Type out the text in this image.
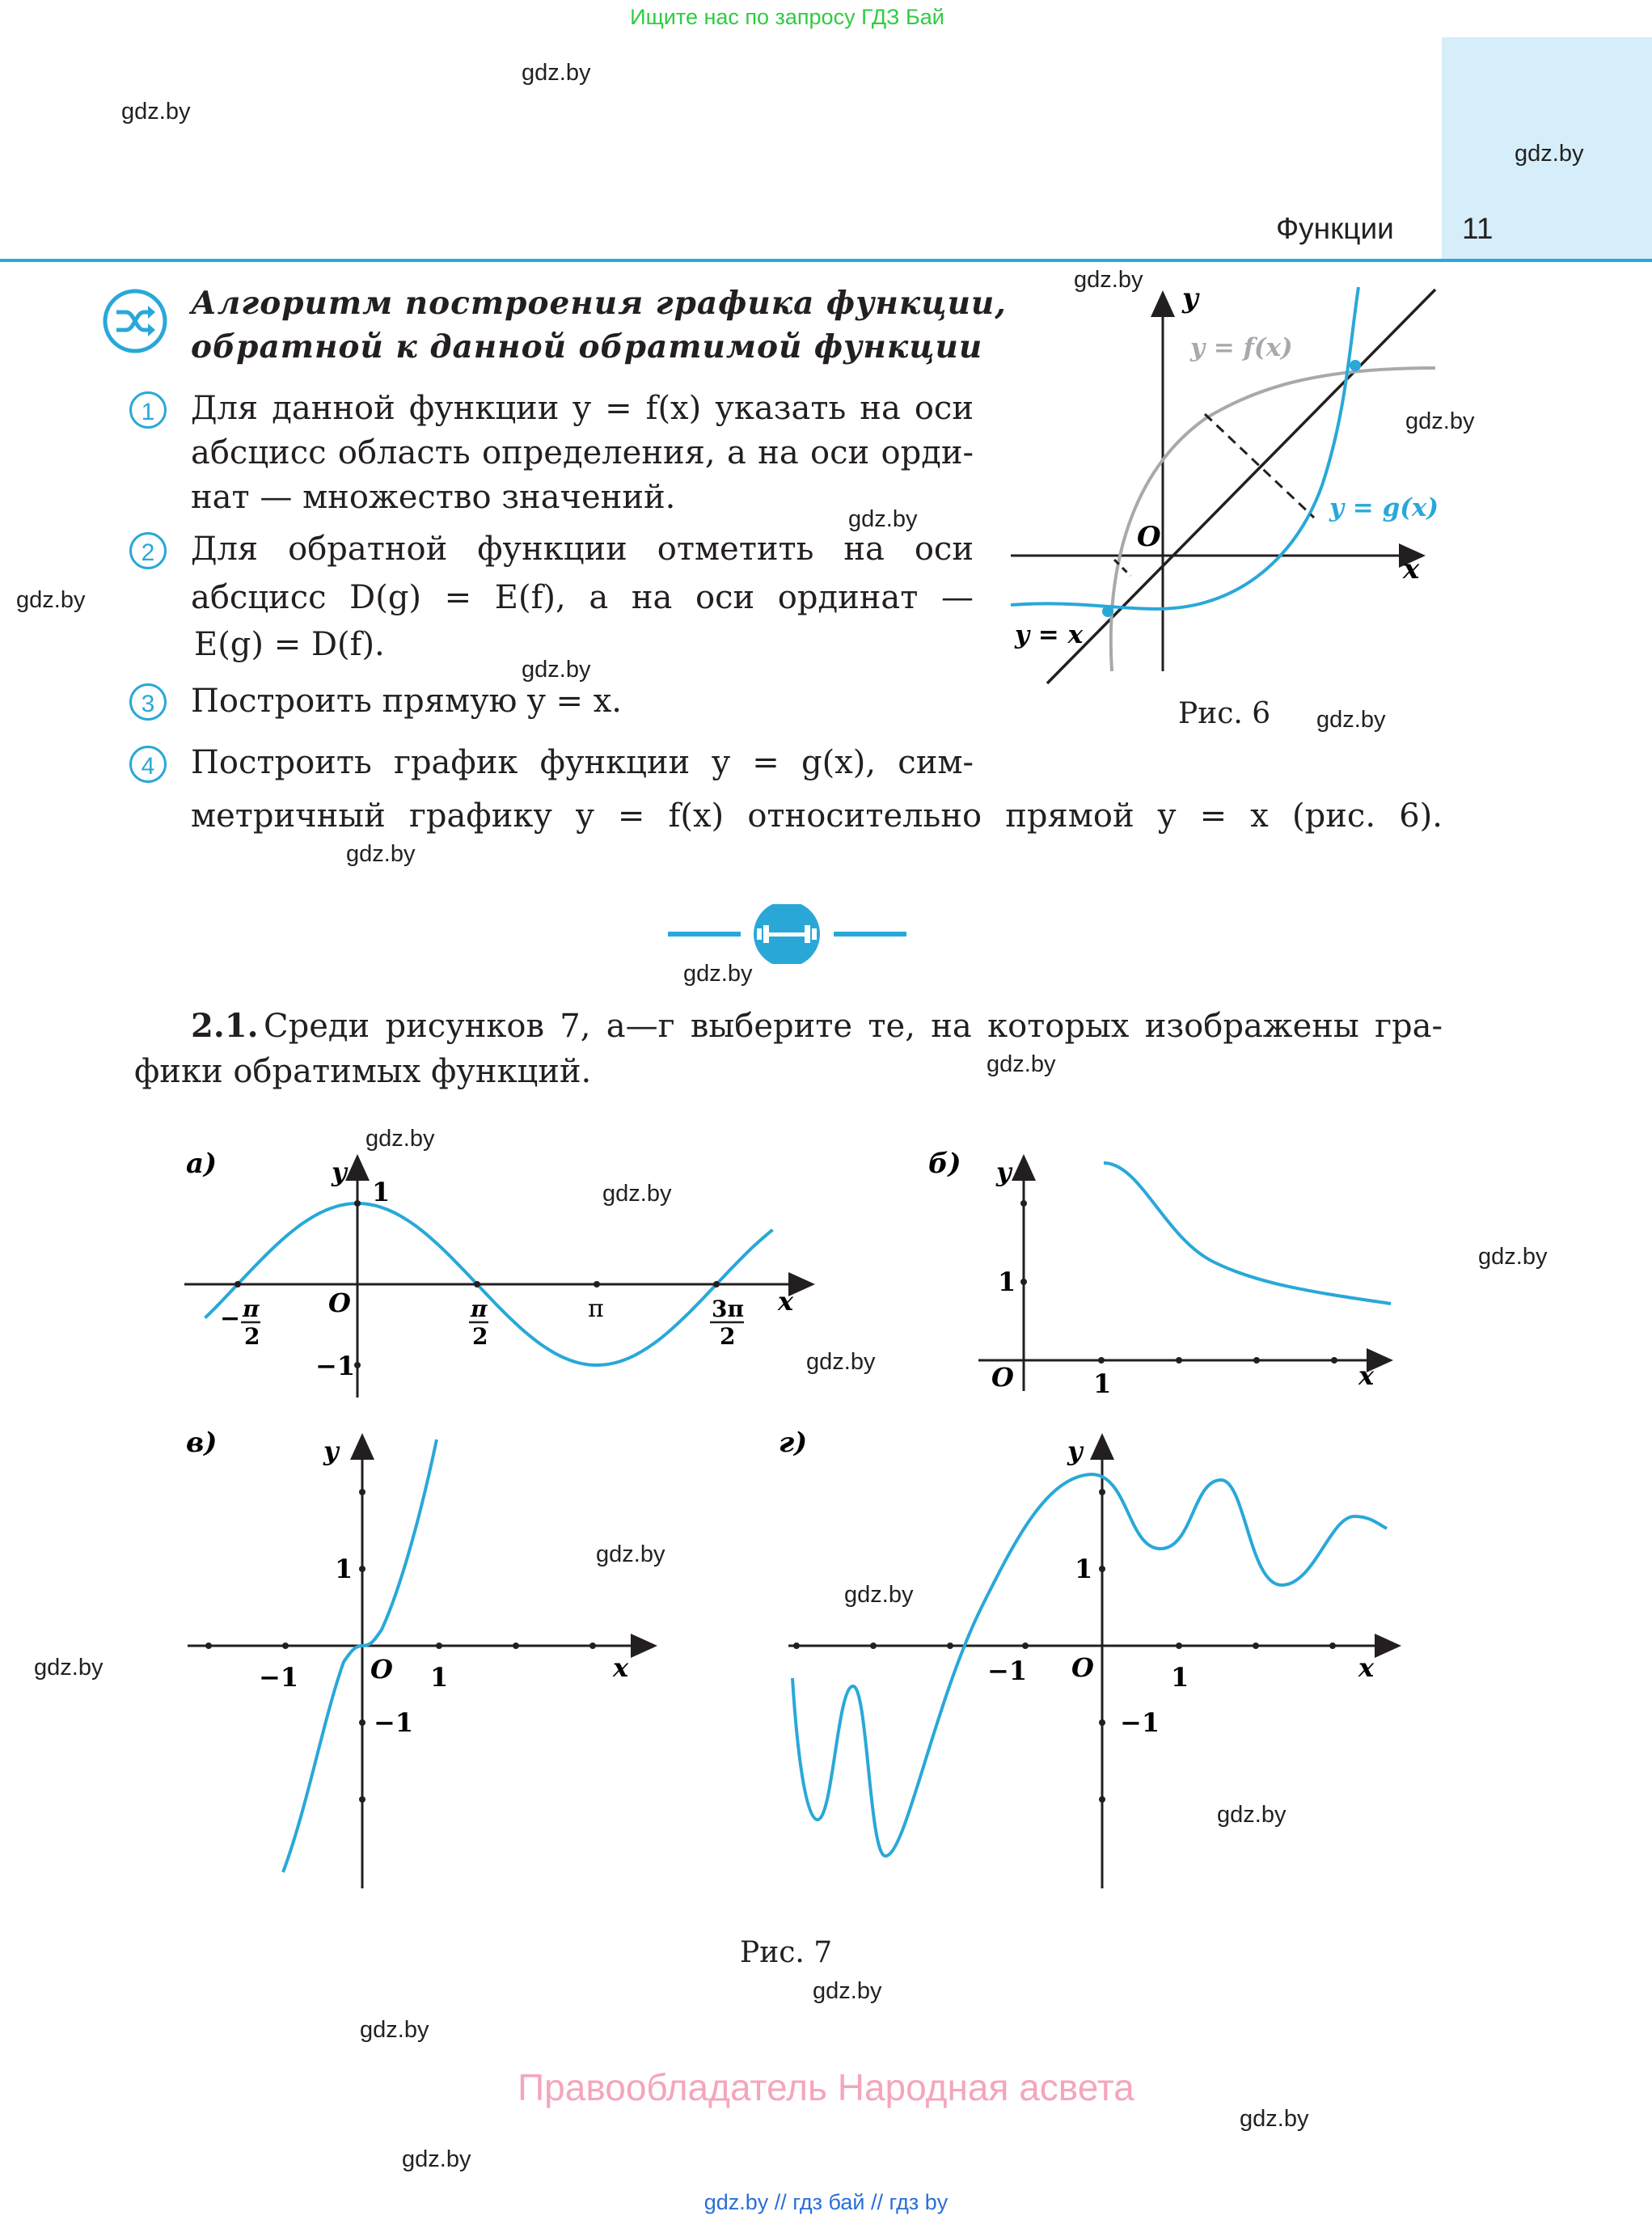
Ищите нас по запросу ГДЗ Бай
Функции 11
gdz.by
gdz.by
gdz.by
gdz.by
gdz.by
gdz.by
gdz.by
gdz.by
gdz.by
gdz.by
gdz.by
gdz.by
gdz.by
gdz.by
gdz.by
gdz.by
gdz.by
gdz.by
gdz.by
gdz.by
gdz.by
gdz.by
gdz.by
gdz.by
Алгоритм построения графика функции,
обратной к данной обратимой функции
1	Для данной функции y = f(x) указать на оси
абсцисс область определения, а на оси орди-
нат — множество значений.
2	Для обратной функции отметить на оси
абсцисс D(g) = E(f), а на оси ординат —
E(g) = D(f).
3	Построить прямую y = x.
4	Построить график функции y = g(x), сим-
метричный графику y = f(x) относительно прямой y = x (рис. 6).
y
x
O
y = f(x)
y = g(x)
y = x
Рис. 6
2.1. Среди рисунков 7, а—г выберите те, на которых изображены гра-
фики обратимых функций.
а)	y
1
−1
O	x
π
− π
2
π
2
3π
2
б) y
1
1
O	x
в)	y
1
−1	O 1
−1
x
г)	y
1
−1 O	1
−1
x
Рис. 7
Правообладатель Народная асвета
gdz.by // гдз бай // гдз by
